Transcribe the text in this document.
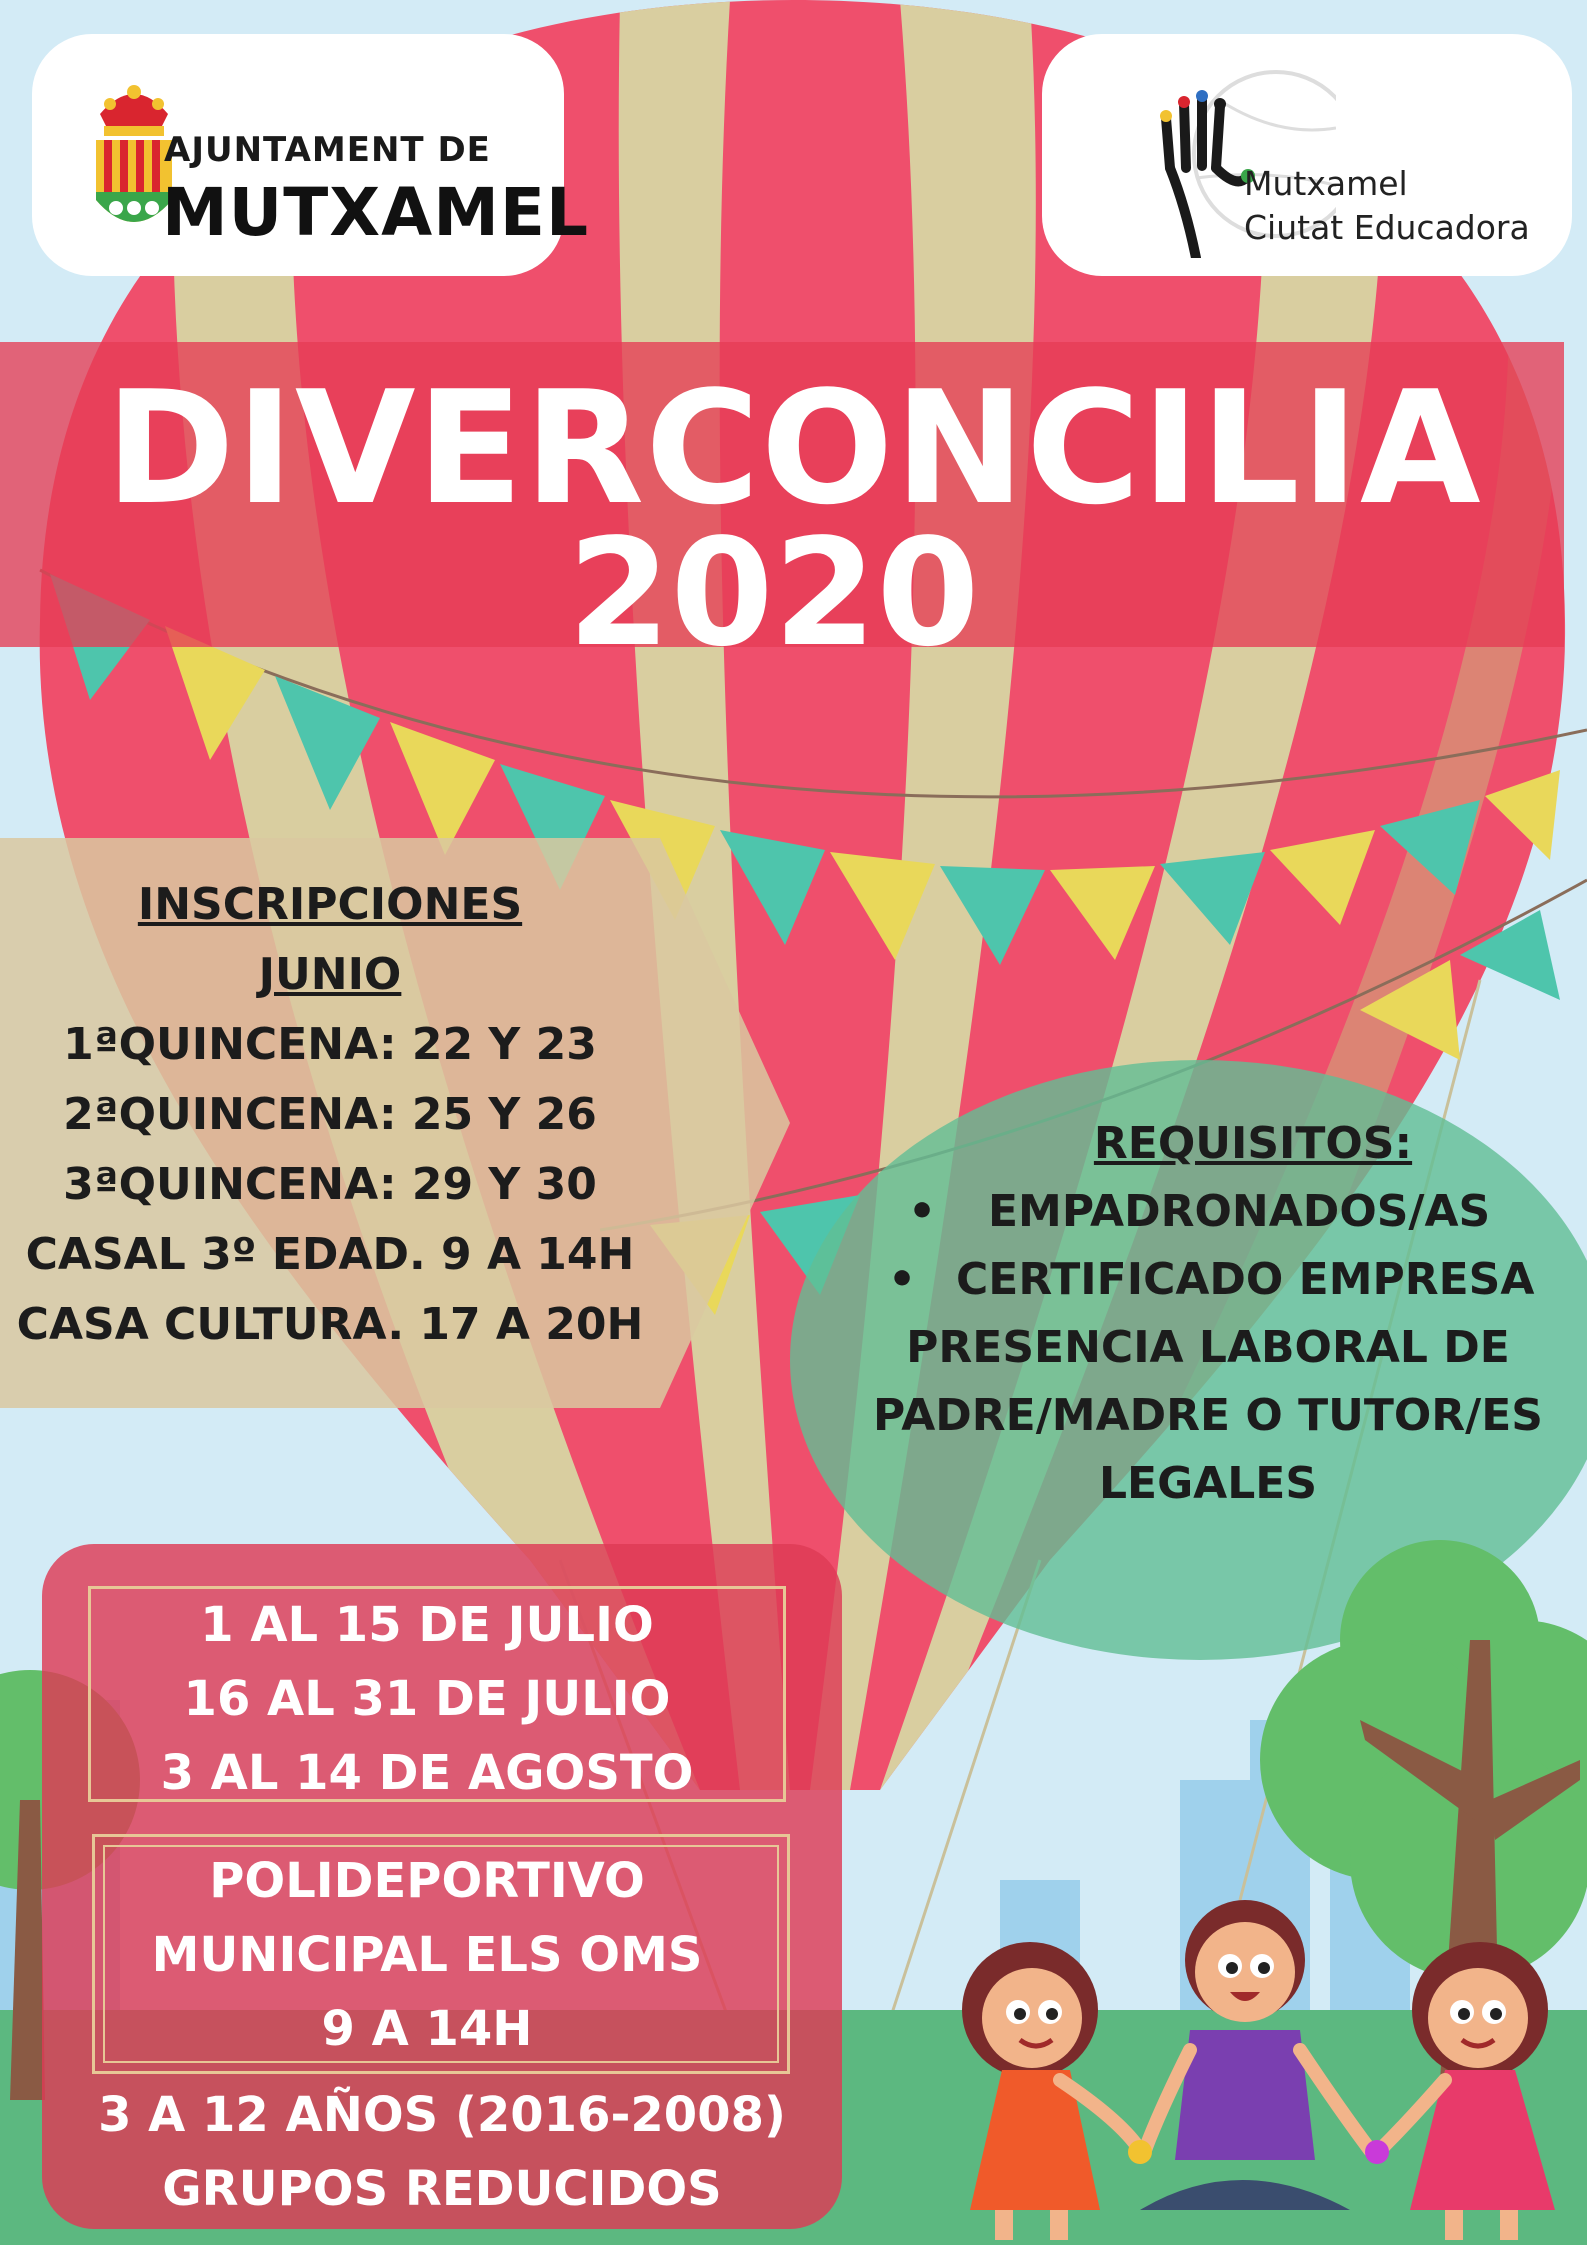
AJUNTAMENT DE
MUTXAMEL	Mutxamel
Ciutat Educadora
DIVERCONCILIA
2020
INSCRIPCIONES
JUNIO
1ªQUINCENA: 22 Y 23
2ªQUINCENA: 25 Y 26
3ªQUINCENA: 29 Y 30
CASAL 3º EDAD. 9 A 14H
CASA CULTURA. 17 A 20H
REQUISITOS:
• EMPADRONADOS/AS
• CERTIFICADO EMPRESA
PRESENCIA LABORAL DE
PADRE/MADRE O TUTOR/ES
LEGALES
1 AL 15 DE JULIO
16 AL 31 DE JULIO
3 AL 14 DE AGOSTO
POLIDEPORTIVO
MUNICIPAL ELS OMS
9 A 14H
3 A 12 AÑOS (2016-2008)
GRUPOS REDUCIDOS
